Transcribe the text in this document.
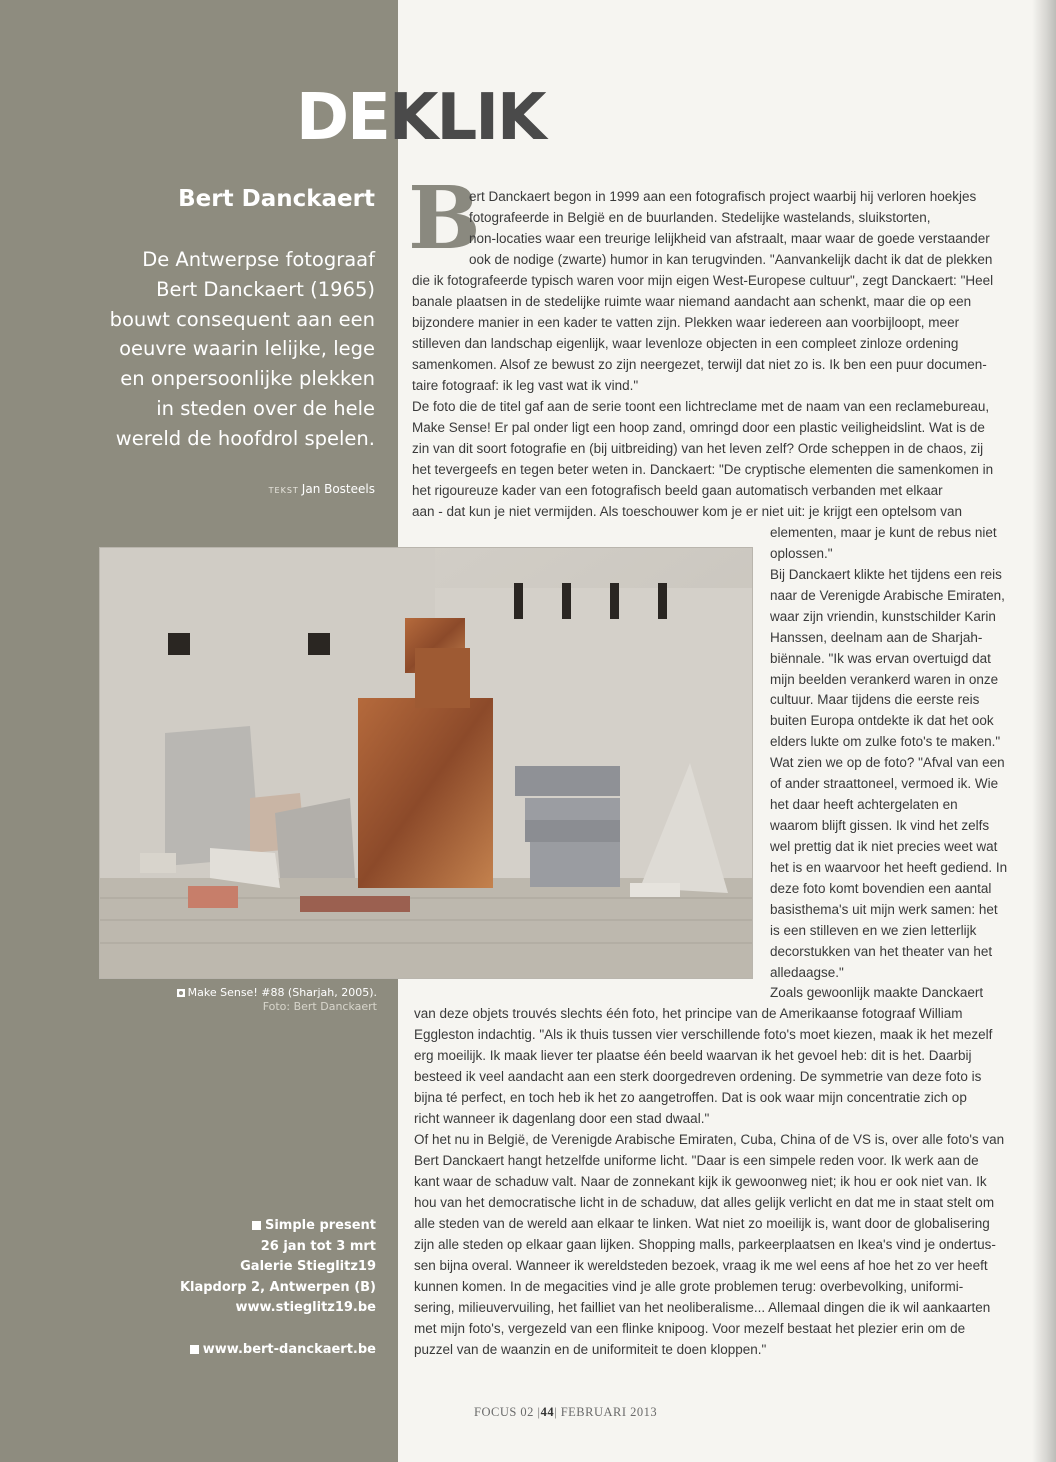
DEKLIK
Bert Danckaert
De Antwerpse fotograaf
Bert Danckaert (1965)
bouwt consequent aan een
oeuvre waarin lelijke, lege
en onpersoonlijke plekken
in steden over de hele
wereld de hoofdrol spelen.
TEKST Jan Bosteels
B
ert Danckaert begon in 1999 aan een fotografisch project waarbij hij verloren hoekjes
fotografeerde in België en de buurlanden. Stedelijke wastelands, sluikstorten,
non-locaties waar een treurige lelijkheid van afstraalt, maar waar de goede verstaander
ook de nodige (zwarte) humor in kan terugvinden. "Aanvankelijk dacht ik dat de plekken
die ik fotografeerde typisch waren voor mijn eigen West-Europese cultuur", zegt Danckaert: "Heel
banale plaatsen in de stedelijke ruimte waar niemand aandacht aan schenkt, maar die op een
bijzondere manier in een kader te vatten zijn. Plekken waar iedereen aan voorbijloopt, meer
stilleven dan landschap eigenlijk, waar levenloze objecten in een compleet zinloze ordening
samenkomen. Alsof ze bewust zo zijn neergezet, terwijl dat niet zo is. Ik ben een puur documen-
taire fotograaf: ik leg vast wat ik vind."
De foto die de titel gaf aan de serie toont een lichtreclame met de naam van een reclamebureau,
Make Sense! Er pal onder ligt een hoop zand, omringd door een plastic veiligheidslint. Wat is de
zin van dit soort fotografie en (bij uitbreiding) van het leven zelf? Orde scheppen in de chaos, zij
het tevergeefs en tegen beter weten in. Danckaert: "De cryptische elementen die samenkomen in
het rigoureuze kader van een fotografisch beeld gaan automatisch verbanden met elkaar
aan - dat kun je niet vermijden. Als toeschouwer kom je er niet uit: je krijgt een optelsom van
elementen, maar je kunt de rebus niet
oplossen."
Bij Danckaert klikte het tijdens een reis
naar de Verenigde Arabische Emiraten,
waar zijn vriendin, kunstschilder Karin
Hanssen, deelnam aan de Sharjah-
biënnale. "Ik was ervan overtuigd dat
mijn beelden verankerd waren in onze
cultuur. Maar tijdens die eerste reis
buiten Europa ontdekte ik dat het ook
elders lukte om zulke foto's te maken."
Wat zien we op de foto? "Afval van een
of ander straattoneel, vermoed ik. Wie
het daar heeft achtergelaten en
waarom blijft gissen. Ik vind het zelfs
wel prettig dat ik niet precies weet wat
het is en waarvoor het heeft gediend. In
deze foto komt bovendien een aantal
basisthema's uit mijn werk samen: het
is een stilleven en we zien letterlijk
decorstukken van het theater van het
alledaagse."
Zoals gewoonlijk maakte Danckaert
van deze objets trouvés slechts één foto, het principe van de Amerikaanse fotograaf William
Eggleston indachtig. "Als ik thuis tussen vier verschillende foto's moet kiezen, maak ik het mezelf
erg moeilijk. Ik maak liever ter plaatse één beeld waarvan ik het gevoel heb: dit is het. Daarbij
besteed ik veel aandacht aan een sterk doorgedreven ordening. De symmetrie van deze foto is
bijna té perfect, en toch heb ik het zo aangetroffen. Dat is ook waar mijn concentratie zich op
richt wanneer ik dagenlang door een stad dwaal."
Of het nu in België, de Verenigde Arabische Emiraten, Cuba, China of de VS is, over alle foto's van
Bert Danckaert hangt hetzelfde uniforme licht. "Daar is een simpele reden voor. Ik werk aan de
kant waar de schaduw valt. Naar de zonnekant kijk ik gewoonweg niet; ik hou er ook niet van. Ik
hou van het democratische licht in de schaduw, dat alles gelijk verlicht en dat me in staat stelt om
alle steden van de wereld aan elkaar te linken. Wat niet zo moeilijk is, want door de globalisering
zijn alle steden op elkaar gaan lijken. Shopping malls, parkeerplaatsen en Ikea's vind je ondertus-
sen bijna overal. Wanneer ik wereldsteden bezoek, vraag ik me wel eens af hoe het zo ver heeft
kunnen komen. In de megacities vind je alle grote problemen terug: overbevolking, uniformi-
sering, milieuvervuiling, het failliet van het neoliberalisme... Allemaal dingen die ik wil aankaarten
met mijn foto's, vergezeld van een flinke knipoog. Voor mezelf bestaat het plezier erin om de
puzzel van de waanzin en de uniformiteit te doen kloppen."
Make Sense! #88 (Sharjah, 2005).
Foto: Bert Danckaert
Simple present
26 jan tot 3 mrt
Galerie Stieglitz19
Klapdorp 2, Antwerpen (B)
www.stieglitz19.be
www.bert-danckaert.be
FOCUS 02 |44| FEBRUARI 2013
